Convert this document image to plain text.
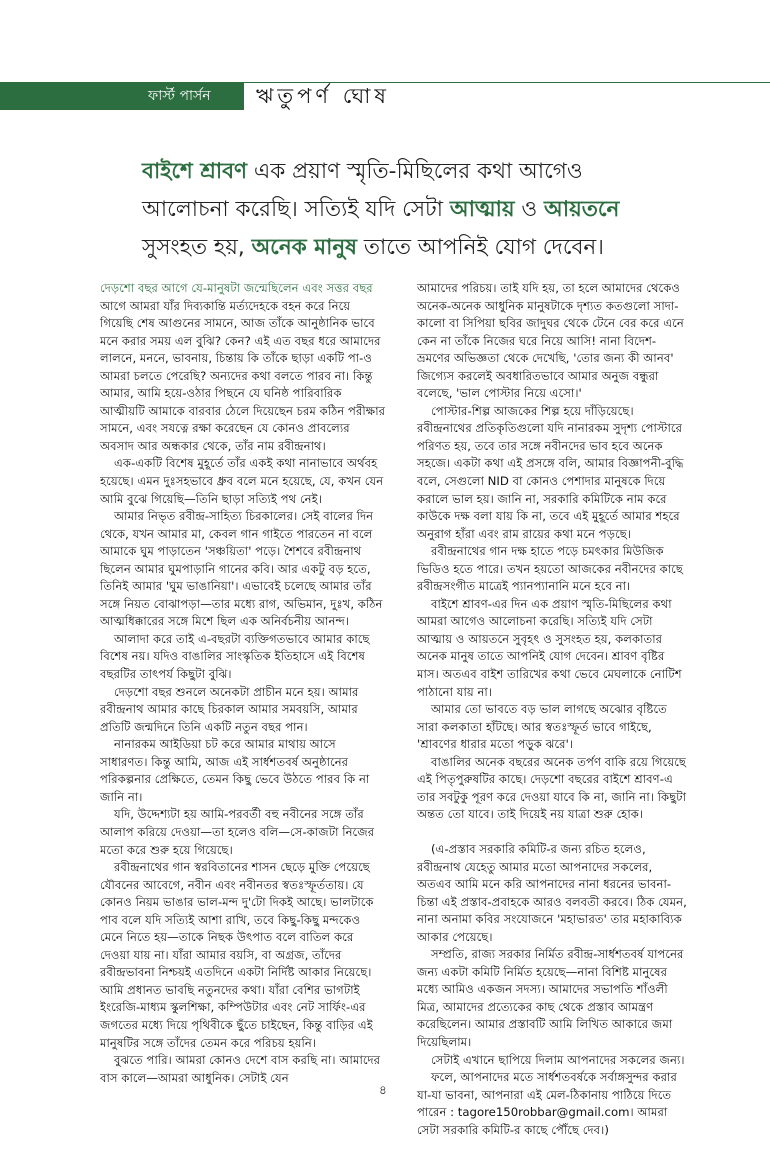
ফার্স্ট পার্সন ঋতুপর্ণ ঘোষ
বাইশে শ্রাবণ এক প্রয়াণ স্মৃতি-মিছিলের কথা আগেও
আলোচনা করেছি। সত্যিই যদি সেটা আত্মায় ও আয়তনে
সুসংহত হয়, অনেক মানুষ তাতে আপনিই যোগ দেবেন।

দেড়শো বছর আগে যে-মানুষটা জন্মেছিলেন এবং সত্তর বছর

আগে আমরা যাঁর দিব্যকান্তি মর্ত্যদেহকে বহন করে নিয়ে গিয়েছি শেষ আগুনের সামনে, আজ তাঁকে আনুষ্ঠানিক ভাবে মনে করার সময় এল বুঝি? কেন? এই এত বছর ধরে আমাদের লালনে, মননে, ভাবনায়, চিন্তায় কি তাঁকে ছাড়া একটি পা-ও আমরা চলতে পেরেছি? অন্যদের কথা বলতে পারব না। কিন্তু আমার, আমি হয়ে-ওঠার পিছনে যে ঘনিষ্ঠ পারিবারিক আত্মীয়টি আমাকে বারবার ঠেলে দিয়েছেন চরম কঠিন পরীক্ষার সামনে, এবং সযত্নে রক্ষা করেছেন যে কোনও প্রাবল্যের অবসাদ আর অন্ধকার থেকে, তাঁর নাম রবীন্দ্রনাথ।

এক-একটি বিশেষ মুহূর্তে তাঁর একই কথা নানাভাবে অর্থবহ হয়েছে। এমন দুঃসহভাবে ধ্রুব বলে মনে হয়েছে, যে, কখন যেন আমি বুঝে গিয়েছি—তিনি ছাড়া সত্যিই পথ নেই।

আমার নিভৃত রবীন্দ্র-সাহিত্য চিরকালের। সেই বালের দিন থেকে, যখন আমার মা, কেবল গান গাইতে পারতেন না বলে আমাকে ঘুম পাড়াতেন 'সঞ্চয়িতা' পড়ে। শৈশবে রবীন্দ্রনাথ ছিলেন আমার ঘুমপাড়ানি গানের কবি। আর একটু বড় হতে, তিনিই আমার 'ঘুম ভাঙানিয়া'। এভাবেই চলেছে আমার তাঁর সঙ্গে নিয়ত বোঝাপড়া—তার মধ্যে রাগ, অভিমান, দুঃখ, কঠিন আত্মধিক্কারের সঙ্গে মিশে ছিল এক অনির্বচনীয় আনন্দ।

আলাদা করে তাই এ-বছরটা ব্যক্তিগতভাবে আমার কাছে বিশেষ নয়। যদিও বাঙালির সাংস্কৃতিক ইতিহাসে এই বিশেষ বছরটির তাৎপর্য কিছুটা বুঝি।

দেড়শো বছর শুনলে অনেকটা প্রাচীন মনে হয়। আমার রবীন্দ্রনাথ আমার কাছে চিরকাল আমার সমবয়সি, আমার প্রতিটি জন্মদিনে তিনি একটি নতুন বছর পান।

নানারকম আইডিয়া চট করে আমার মাথায় আসে সাধারণত। কিন্তু আমি, আজ এই সার্ধশতবর্ষ অনুষ্ঠানের পরিকল্পনার প্রেক্ষিতে, তেমন কিছু ভেবে উঠতে পারব কি না জানি না।

যদি, উদ্দেশ্যটা হয় আমি-পরবর্তী বহু নবীনের সঙ্গে তাঁর আলাপ করিয়ে দেওয়া—তা হলেও বলি—সে-কাজটা নিজের মতো করে শুরু হয়ে গিয়েছে।

রবীন্দ্রনাথের গান স্বরবিতানের শাসন ছেড়ে মুক্তি পেয়েছে যৌবনের আবেগে, নবীন এবং নবীনতর স্বতঃস্ফূর্ততায়। যে কোনও নিয়ম ভাঙার ভাল-মন্দ দু'টো দিকই আছে। ভালটাকে পাব বলে যদি সত্যিই আশা রাখি, তবে কিছু-কিছু মন্দকেও মেনে নিতে হয়—তাকে নিছক উৎপাত বলে বাতিল করে দেওয়া যায় না। যাঁরা আমার বয়সি, বা অগ্রজ, তাঁদের রবীন্দ্রভাবনা নিশ্চয়ই এতদিনে একটা নির্দিষ্ট আকার নিয়েছে। আমি প্রধানত ভাবছি নতুনদের কথা। যাঁরা বেশির ভাগটাই ইংরেজি-মাধ্যম স্কুলশিক্ষা, কম্পিউটার এবং নেট সার্ফিং-এর জগতের মধ্যে দিয়ে পৃথিবীকে ছুঁতে চাইছেন, কিন্তু বাড়ির এই মানুষটির সঙ্গে তাঁদের তেমন করে পরিচয় হয়নি।

বুঝতে পারি। আমরা কোনও দেশে বাস করছি না। আমাদের বাস কালে—আমরা আধুনিক। সেটাই যেন

আমাদের পরিচয়। তাই যদি হয়, তা হলে আমাদের থেকেও অনেক-অনেক আধুনিক মানুষটাকে দৃশ্যত কতগুলো সাদা-কালো বা সিপিয়া ছবির জাদুঘর থেকে টেনে বের করে এনে কেন না তাঁকে নিজের ঘরে নিয়ে আসি! নানা বিদেশ-ভ্রমণের অভিজ্ঞতা থেকে দেখেছি, 'তোর জন্য কী আনব' জিগ্যেস করলেই অবধারিতভাবে আমার অনুজ বন্ধুরা বলেছে, 'ভাল পোস্টার নিয়ে এসো।'

পোস্টার-শিল্প আজকের শিল্প হয়ে দাঁড়িয়েছে। রবীন্দ্রনাথের প্রতিকৃতিগুলো যদি নানারকম সুদৃশ্য পোস্টারে পরিণত হয়, তবে তার সঙ্গে নবীনদের ভাব হবে অনেক সহজে। একটা কথা এই প্রসঙ্গে বলি, আমার বিজ্ঞাপনী-বুদ্ধি বলে, সেগুলো NID বা কোনও পেশাদার মানুষকে দিয়ে করালে ভাল হয়। জানি না, সরকারি কমিটিকে নাম করে কাউকে দক্ষ বলা যায় কি না, তবে এই মুহূর্তে আমার শহরে অনুরাগ হাঁরা এবং রাম রায়ের কথা মনে পড়ছে।

রবীন্দ্রনাথের গান দক্ষ হাতে পড়ে চমৎকার মিউজিক ভিডিও হতে পারে। তখন হয়তো আজকের নবীনদের কাছে রবীন্দ্রসংগীত মাত্রেই প্যানপ্যানানি মনে হবে না।

বাইশে শ্রাবণ-এর দিন এক প্রয়াণ স্মৃতি-মিছিলের কথা আমরা আগেও আলোচনা করেছি। সত্যিই যদি সেটা আত্মায় ও আয়তনে সুবৃহৎ ও সুসংহত হয়, কলকাতার অনেক মানুষ তাতে আপনিই যোগ দেবেন। শ্রাবণ বৃষ্টির মাস। অতএব বাইশ তারিখের কথা ভেবে মেঘলাকে নোটিশ পাঠানো যায় না।

আমার তো ভাবতে বড় ভাল লাগছে অঝোর বৃষ্টিতে সারা কলকাতা হাঁটছে। আর স্বতঃস্ফূর্ত ভাবে গাইছে, 'শ্রাবণের ধারার মতো পড়ুক ঝরে'।

বাঙালির অনেক বছরের অনেক তর্পণ বাকি রয়ে গিয়েছে এই পিতৃপুরুষটির কাছে। দেড়শো বছরের বাইশে শ্রাবণ-এ তার সবটুকু পূরণ করে দেওয়া যাবে কি না, জানি না। কিছুটা অন্তত তো যাবে। তাই দিয়েই নয় যাত্রা শুরু হোক।

(এ-প্রস্তাব সরকারি কমিটি-র জন্য রচিত হলেও, রবীন্দ্রনাথ যেহেতু আমার মতো আপনাদের সকলের, অতএব আমি মনে করি আপনাদের নানা ধরনের ভাবনা-চিন্তা এই প্রস্তাব-প্রবাহকে আরও বলবতী করবে। ঠিক যেমন, নানা অনামা কবির সংযোজনে 'মহাভারত' তার মহাকাব্যিক আকার পেয়েছে।

সম্প্রতি, রাজ্য সরকার নির্মিত রবীন্দ্র-সার্ধশতবর্ষ যাপনের জন্য একটা কমিটি নির্মিত হয়েছে—নানা বিশিষ্ট মানুষের মধ্যে আমিও একজন সদস্য। আমাদের সভাপতি শাঁওলী মিত্র, আমাদের প্রত্যেকের কাছ থেকে প্রস্তাব আমন্ত্রণ করেছিলেন। আমার প্রস্তাবটি আমি লিখিত আকারে জমা দিয়েছিলাম।

সেটাই এখানে ছাপিয়ে দিলাম আপনাদের সকলের জন্য।

ফলে, আপনাদের মতে সার্ধশতবর্ষকে সর্বাঙ্গসুন্দর করার যা-যা ভাবনা, আপনারা এই মেল-ঠিকানায় পাঠিয়ে দিতে পারেন : tagore150robbar@gmail.com। আমরা সেটা সরকারি কমিটি-র কাছে পৌঁছে দেব।)

৪
